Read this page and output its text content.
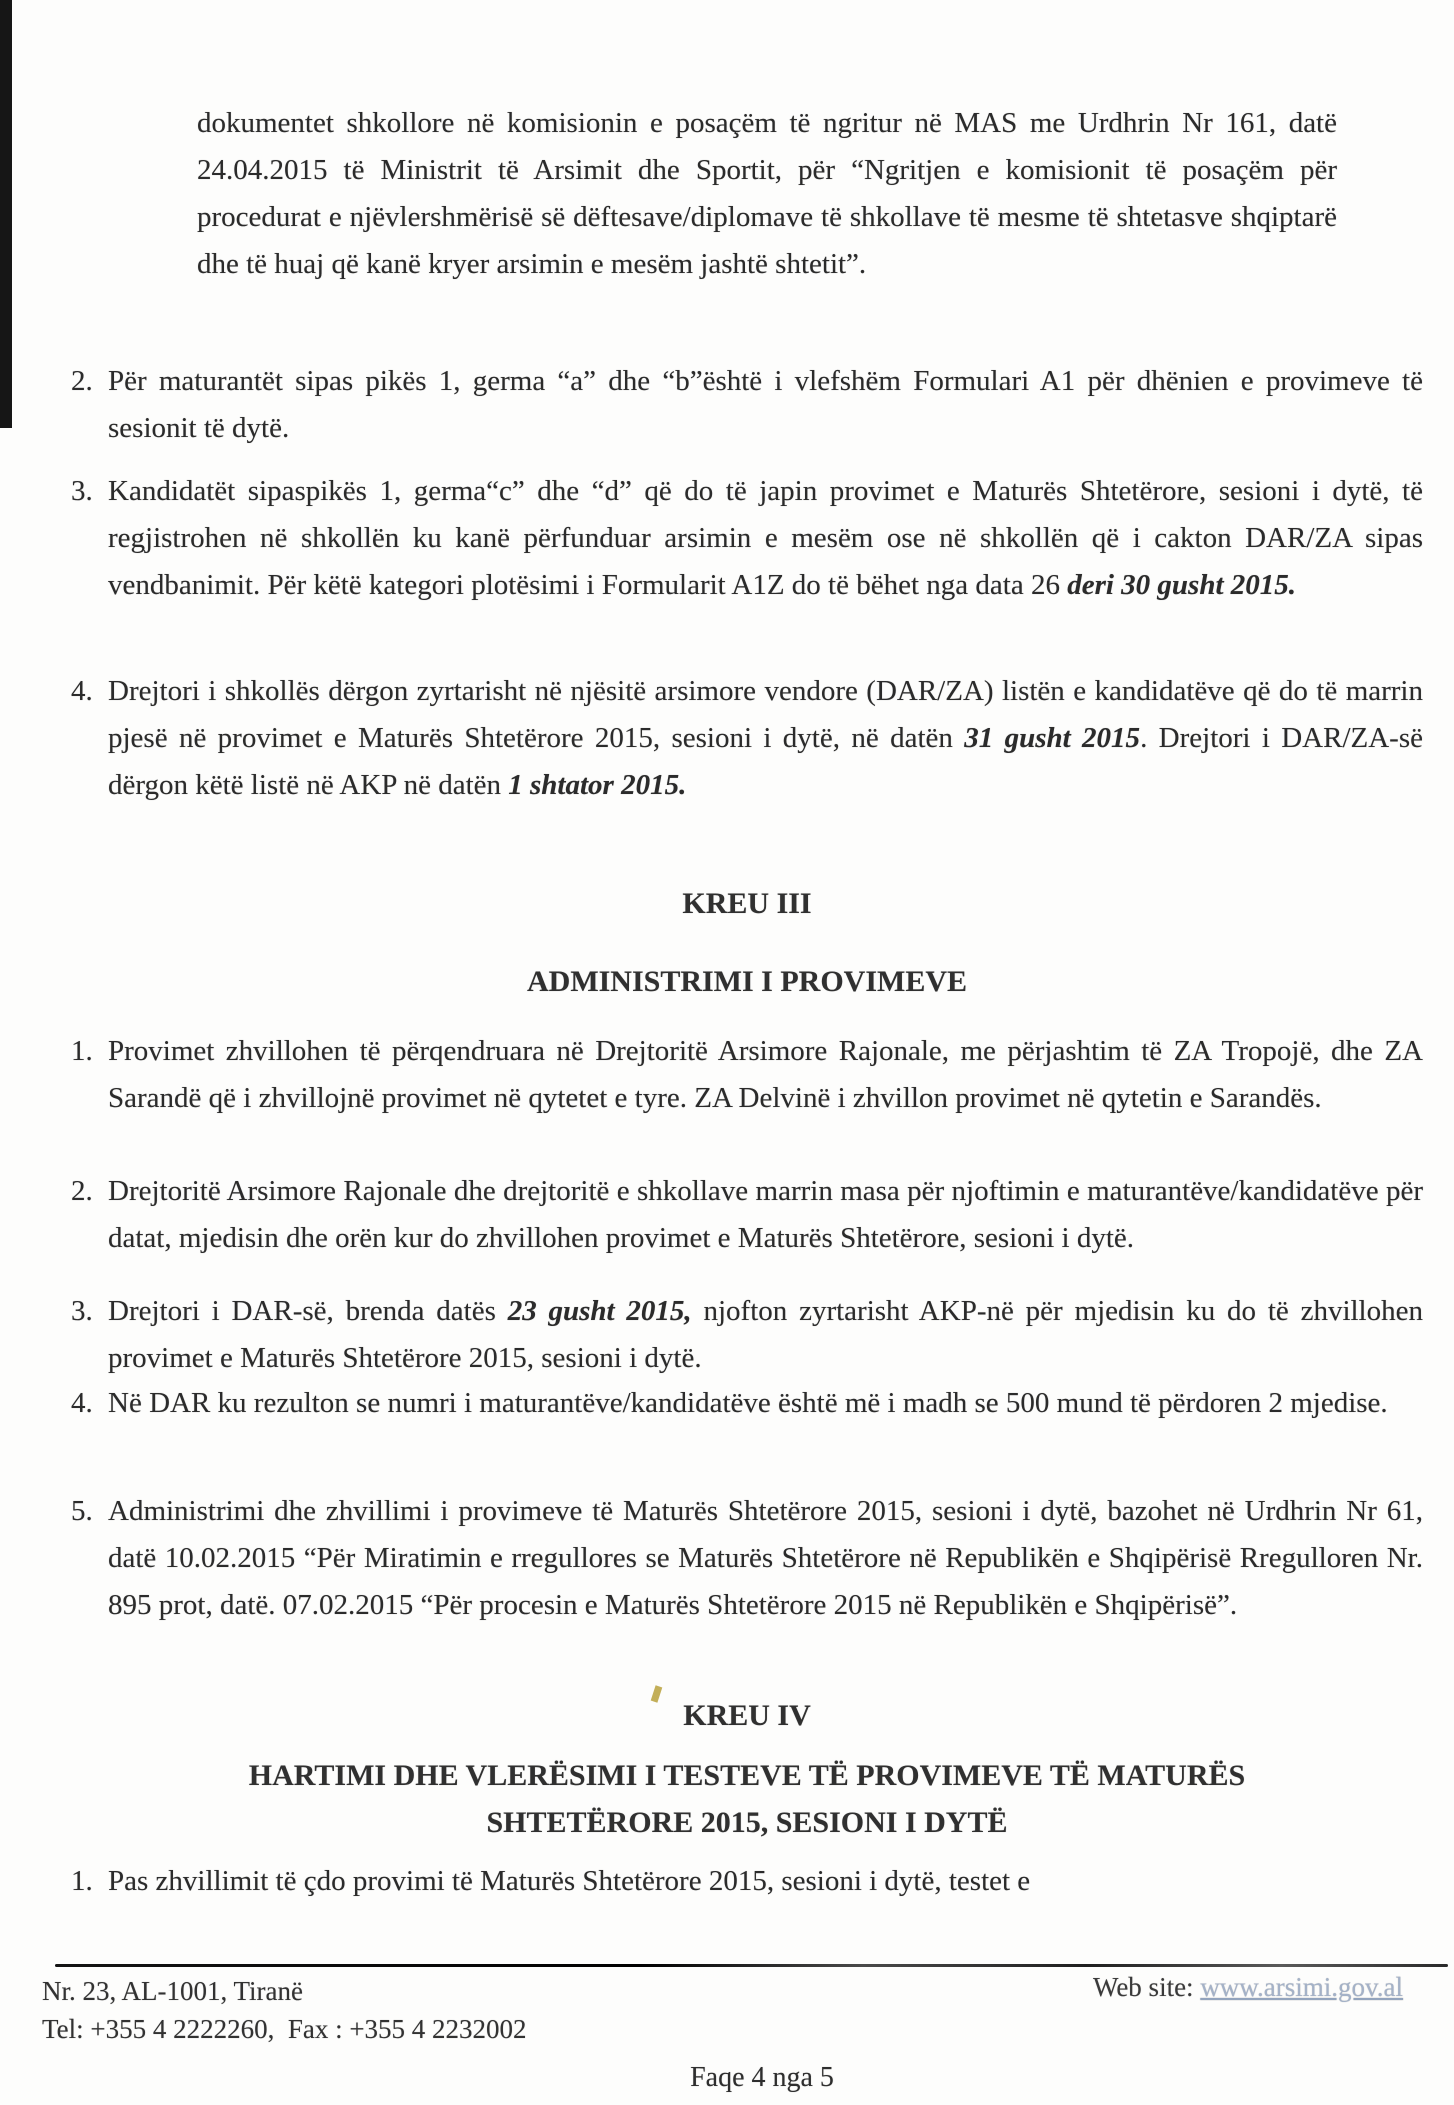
dokumentet shkollore në komisionin e posaçëm të ngritur në MAS me Urdhrin Nr 161, datë 24.04.2015 të Ministrit të Arsimit dhe Sportit, për “Ngritjen e komisionit të posaçëm për procedurat e njëvlershmërisë së dëftesave/diplomave të shkollave të mesme të shtetasve shqiptarë dhe të huaj që kanë kryer arsimin e mesëm jashtë shtetit”.

2. Për maturantët sipas pikës 1, germa “a” dhe “b”është i vlefshëm Formulari A1 për dhënien e provimeve të sesionit të dytë.
3. Kandidatët sipaspikës 1, germa“c” dhe “d” që do të japin provimet e Maturës Shtetërore, sesioni i dytë, të regjistrohen në shkollën ku kanë përfunduar arsimin e mesëm ose në shkollën që i cakton DAR/ZA sipas vendbanimit. Për këtë kategori plotësimi i Formularit A1Z do të bëhet nga data 26 deri 30 gusht 2015.
4. Drejtori i shkollës dërgon zyrtarisht në njësitë arsimore vendore (DAR/ZA) listën e kandidatëve që do të marrin pjesë në provimet e Maturës Shtetërore 2015, sesioni i dytë, në datën 31 gusht 2015. Drejtori i DAR/ZA-së dërgon këtë listë në AKP në datën 1 shtator 2015.
KREU III
ADMINISTRIMI I PROVIMEVE
1. Provimet zhvillohen të përqendruara në Drejtoritë Arsimore Rajonale, me përjashtim të ZA Tropojë, dhe ZA Sarandë që i zhvillojnë provimet në qytetet e tyre. ZA Delvinë i zhvillon provimet në qytetin e Sarandës.
2. Drejtoritë Arsimore Rajonale dhe drejtoritë e shkollave marrin masa për njoftimin e maturantëve/kandidatëve për datat, mjedisin dhe orën kur do zhvillohen provimet e Maturës Shtetërore, sesioni i dytë.
3. Drejtori i DAR-së, brenda datës 23 gusht 2015, njofton zyrtarisht AKP-në për mjedisin ku do të zhvillohen provimet e Maturës Shtetërore 2015, sesioni i dytë.
4. Në DAR ku rezulton se numri i maturantëve/kandidatëve është më i madh se 500 mund të përdoren 2 mjedise.
5. Administrimi dhe zhvillimi i provimeve të Maturës Shtetërore 2015, sesioni i dytë, bazohet në Urdhrin Nr 61, datë 10.02.2015 “Për Miratimin e rregullores se Maturës Shtetërore në Republikën e Shqipërisë Rregulloren Nr. 895 prot, datë. 07.02.2015 “Për procesin e Maturës Shtetërore 2015 në Republikën e Shqipërisë”.
KREU IV
HARTIMI DHE VLERËSIMI I TESTEVE TË PROVIMEVE TË MATURËS SHTETËRORE 2015, SESIONI I DYTË
1. Pas zhvillimit të çdo provimi të Maturës Shtetërore 2015, sesioni i dytë, testet e
Nr. 23, AL-1001, Tiranë
Tel: +355 4 2222260,  Fax : +355 4 2232002
Web site: www.arsimi.gov.al
Faqe 4 nga 5
